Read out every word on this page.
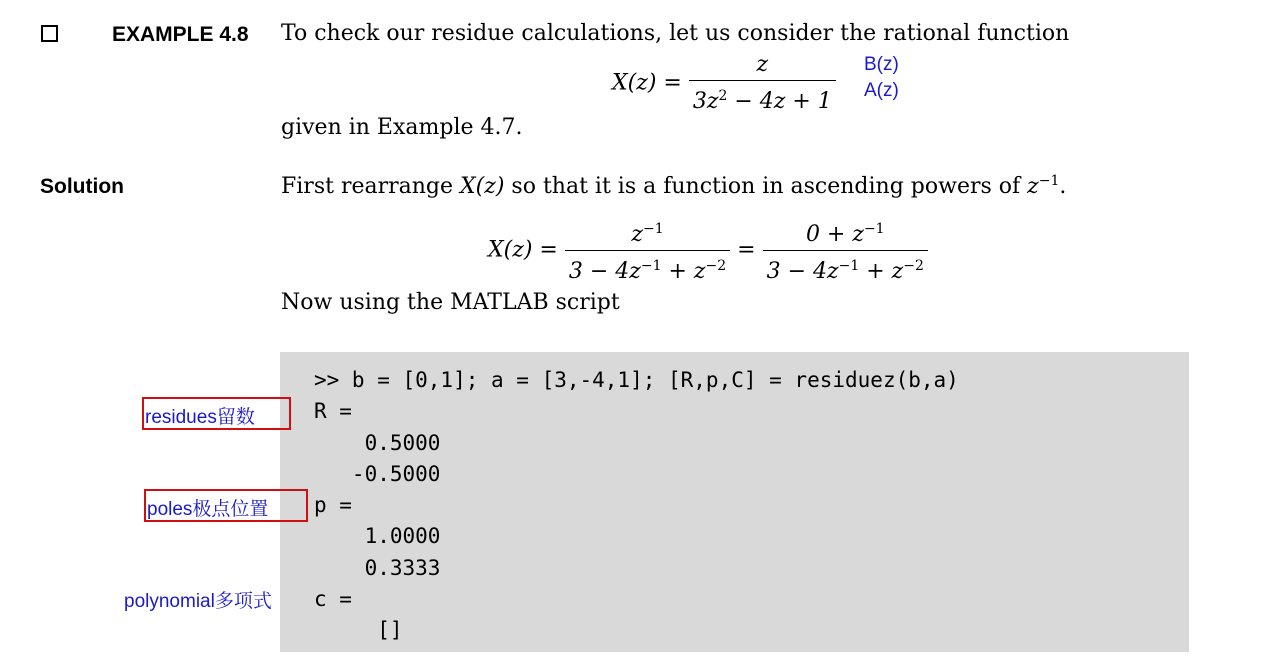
EXAMPLE 4.8 To check our residue calculations, let us consider the rational function
$X(z) = \frac{z}{3z^2 - 4z + 1} B(z)$
A(z)
given in Example 4.7.
Solution	First rearrange X(z) so that it is a function in ascending powers of $z^{-1}$.
$X(z) = \frac{z^{-1}}{3 - 4z^{-1} + z^{-2}} = \frac{0 + z^{-1}}{3 - 4z^{-1} + z^{-2}}$
Now using the MATLAB script
>> b = [0,1]; a = [3,-4,1]; [R,p,C] = residuez(b,a)
R =
0.5000
-0.5000
p =
1.0000
0.3333
c =
[]
residues留数
poles极点位置
polynomial多项式
